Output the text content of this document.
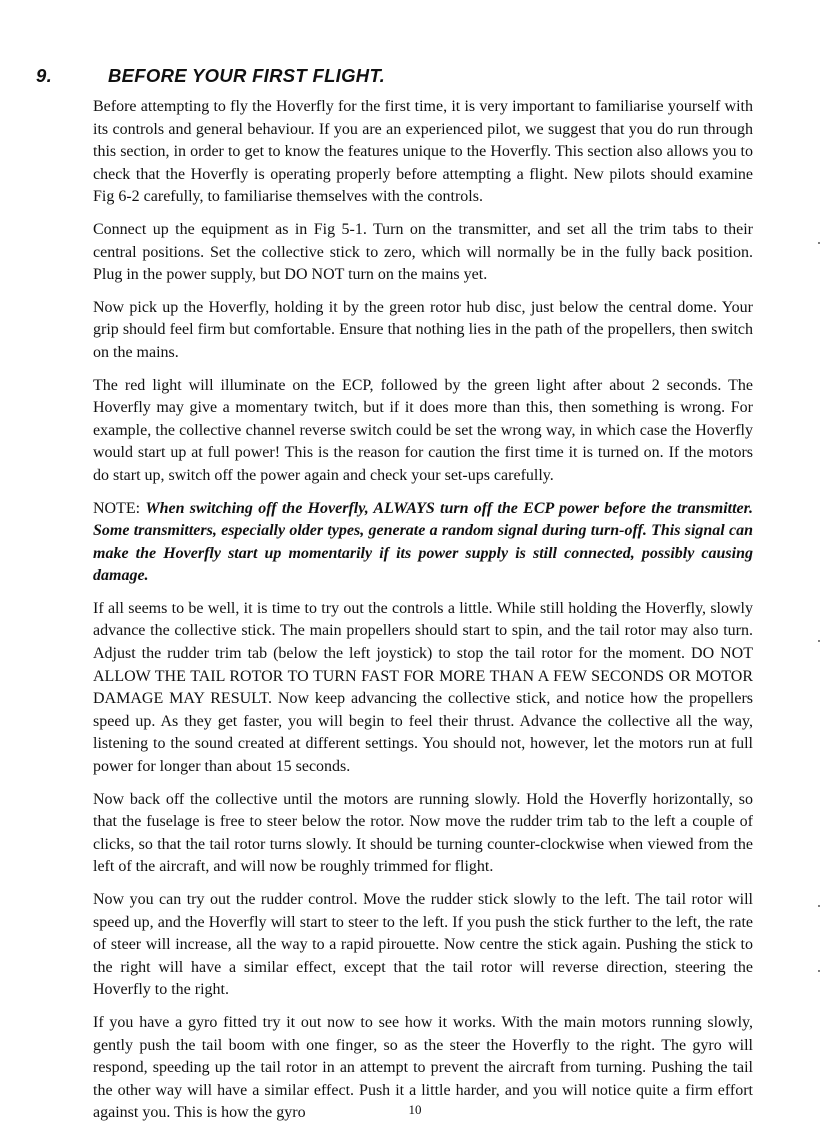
9.	BEFORE YOUR FIRST FLIGHT.

Before attempting to fly the Hoverfly for the first time, it is very important to familiarise yourself with its controls and general behaviour. If you are an experienced pilot, we suggest that you do run through this section, in order to get to know the features unique to the Hoverfly. This section also allows you to check that the Hoverfly is operating properly before attempting a flight. New pilots should examine Fig 6-2 carefully, to familiarise themselves with the controls.

Connect up the equipment as in Fig 5-1. Turn on the transmitter, and set all the trim tabs to their central positions. Set the collective stick to zero, which will normally be in the fully back position. Plug in the power supply, but DO NOT turn on the mains yet.

Now pick up the Hoverfly, holding it by the green rotor hub disc, just below the central dome. Your grip should feel firm but comfortable. Ensure that nothing lies in the path of the propellers, then switch on the mains.

The red light will illuminate on the ECP, followed by the green light after about 2 seconds. The Hoverfly may give a momentary twitch, but if it does more than this, then something is wrong. For example, the collective channel reverse switch could be set the wrong way, in which case the Hoverfly would start up at full power! This is the reason for caution the first time it is turned on. If the motors do start up, switch off the power again and check your set-ups carefully.

NOTE: When switching off the Hoverfly, ALWAYS turn off the ECP power before the transmitter. Some transmitters, especially older types, generate a random signal during turn-off. This signal can make the Hoverfly start up momentarily if its power supply is still connected, possibly causing damage.

If all seems to be well, it is time to try out the controls a little. While still holding the Hoverfly, slowly advance the collective stick. The main propellers should start to spin, and the tail rotor may also turn. Adjust the rudder trim tab (below the left joystick) to stop the tail rotor for the moment. DO NOT ALLOW THE TAIL ROTOR TO TURN FAST FOR MORE THAN A FEW SECONDS OR MOTOR DAMAGE MAY RESULT. Now keep advancing the collective stick, and notice how the propellers speed up. As they get faster, you will begin to feel their thrust. Advance the collective all the way, listening to the sound created at different settings. You should not, however, let the motors run at full power for longer than about 15 seconds.

Now back off the collective until the motors are running slowly. Hold the Hoverfly horizontally, so that the fuselage is free to steer below the rotor. Now move the rudder trim tab to the left a couple of clicks, so that the tail rotor turns slowly. It should be turning counter-clockwise when viewed from the left of the aircraft, and will now be roughly trimmed for flight.

Now you can try out the rudder control. Move the rudder stick slowly to the left. The tail rotor will speed up, and the Hoverfly will start to steer to the left. If you push the stick further to the left, the rate of steer will increase, all the way to a rapid pirouette. Now centre the stick again. Pushing the stick to the right will have a similar effect, except that the tail rotor will reverse direction, steering the Hoverfly to the right.

If you have a gyro fitted try it out now to see how it works. With the main motors running slowly, gently push the tail boom with one finger, so as the steer the Hoverfly to the right. The gyro will respond, speeding up the tail rotor in an attempt to prevent the aircraft from turning. Pushing the tail the other way will have a similar effect. Push it a little harder, and you will notice quite a firm effort against you. This is how the gyro	10
